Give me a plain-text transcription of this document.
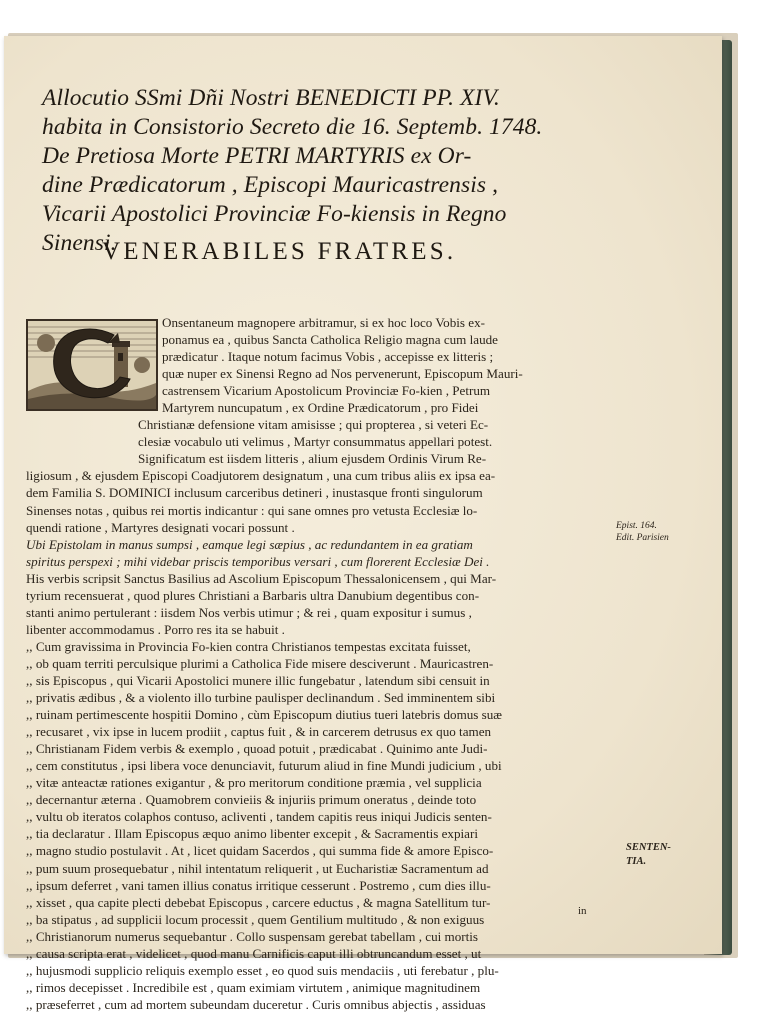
Allocutio SSmi Dñi Nostri BENEDICTI PP. XIV.
habita in Consistorio Secreto die 16. Septemb. 1748.
De Pretiosa Morte PETRI MARTYRIS ex Or-
dine Prædicatorum , Episcopi Mauricastrensis ,
Vicarii Apostolici Provinciæ Fo-kiensis in Regno
Sinensi.
VENERABILES FRATRES.
Onsentaneum magnopere arbitramur, si ex hoc loco Vobis ex-
ponamus ea , quibus Sancta Catholica Religio magna cum laude
prædicatur . Itaque notum facimus Vobis , accepisse ex litteris ;
quæ nuper ex Sinensi Regno ad Nos pervenerunt, Episcopum Mauri-
castrensem Vicarium Apostolicum Provinciæ Fo-kien , Petrum
Martyrem nuncupatum , ex Ordine Prædicatorum , pro Fidei
Christianæ defensione vitam amisisse ; qui propterea , si veteri Ec-
clesiæ vocabulo uti velimus , Martyr consummatus appellari potest.
Significatum est iisdem litteris , alium ejusdem Ordinis Virum Re-
ligiosum , & ejusdem Episcopi Coadjutorem designatum , una cum tribus aliis ex ipsa ea-
dem Familia S. DOMINICI inclusum carceribus detineri , inustasque fronti singulorum
Sinenses notas , quibus rei mortis indicantur : qui sane omnes pro vetusta Ecclesiæ lo-
quendi ratione , Martyres designati vocari possunt .
Ubi Epistolam in manus sumpsi , eamque legi sæpius , ac redundantem in ea gratiam
spiritus perspexi ; mihi videbar priscis temporibus versari , cum florerent Ecclesiæ Dei .
His verbis scripsit Sanctus Basilius ad Ascolium Episcopum Thessalonicensem , qui Mar-
tyrium recensuerat , quod plures Christiani a Barbaris ultra Danubium degentibus con-
stanti animo pertulerant : iisdem Nos verbis utimur ; & rei , quam expositur i sumus ,
libenter accommodamus . Porro res ita se habuit .
,, Cum gravissima in Provincia Fo-kien contra Christianos tempestas excitata fuisset,
,, ob quam territi perculsique plurimi a Catholica Fide misere desciverunt . Mauricastren-
,, sis Episcopus , qui Vicarii Apostolici munere illic fungebatur , latendum sibi censuit in
,, privatis ædibus , & a violento illo turbine paulisper declinandum . Sed imminentem sibi
,, ruinam pertimescente hospitii Domino , cùm Episcopum diutius tueri latebris domus suæ
,, recusaret , vix ipse in lucem prodiit , captus fuit , & in carcerem detrusus ex quo tamen
,, Christianam Fidem verbis & exemplo , quoad potuit , prædicabat . Quinimo ante Judi-
,, cem constitutus , ipsi libera voce denunciavit, futurum aliud in fine Mundi judicium , ubi
,, vitæ anteactæ rationes exigantur , & pro meritorum conditione præmia , vel supplicia
,, decernantur æterna . Quamobrem convieiis & injuriis primum oneratus , deinde toto
,, vultu ob iteratos colaphos contuso, acliventi , tandem capitis reus iniqui Judicis senten-
,, tia declaratur . Illam Episcopus æquo animo libenter excepit , & Sacramentis expiari
,, magno studio postulavit . At , licet quidam Sacerdos , qui summa fide & amore Episco-
,, pum suum prosequebatur , nihil intentatum reliquerit , ut Eucharistiæ Sacramentum ad
,, ipsum deferret , vani tamen illius conatus irritique cesserunt . Postremo , cum dies illu-
,, xisset , qua capite plecti debebat Episcopus , carcere eductus , & magna Satellitum tur-
,, ba stipatus , ad supplicii locum processit , quem Gentilium multitudo , & non exiguus
,, Christianorum numerus sequebantur . Collo suspensam gerebat tabellam , cui mortis
,, causa scripta erat , videlicet , quod manu Carnificis caput illi obtruncandum esset , ut
,, hujusmodi supplicio reliquis exemplo esset , eo quod suis mendaciis , uti ferebatur , plu-
,, rimos decepisset . Incredibile est , quam eximiam virtutem , animique magnitudinem
,, præseferret , cum ad mortem subeundam duceretur . Curis omnibus abjectis , assiduas
Epist. 164.
Edit. Parisien
SENTEN-
TIA.
in
